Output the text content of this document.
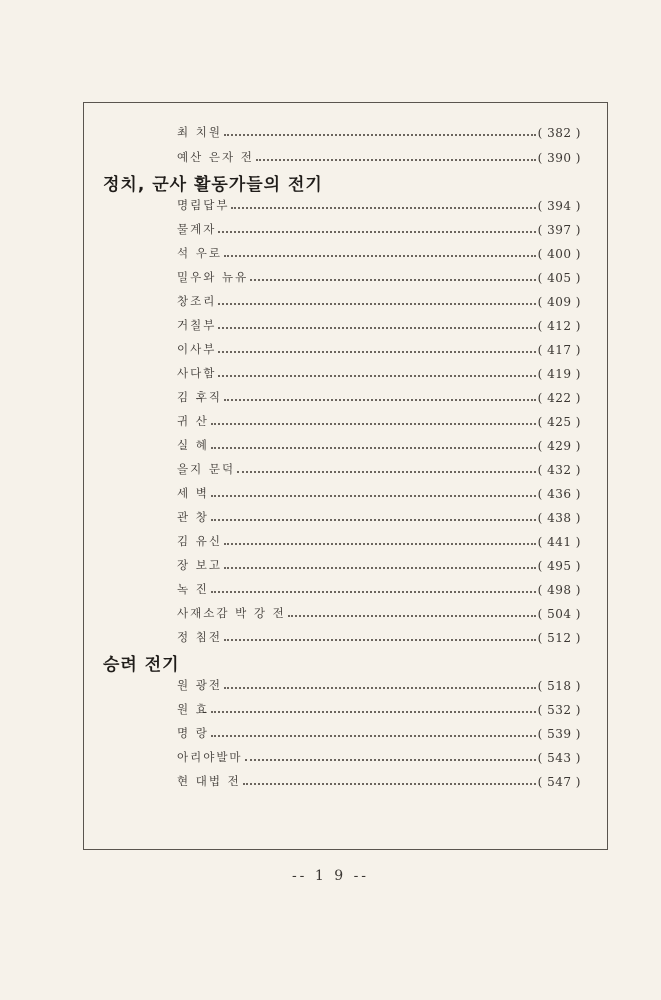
최 치원	( 382 )
예산 은자 전	( 390 )
정치, 군사 활동가들의 전기
명림답부	( 394 )
물계자	( 397 )
석 우로	( 400 )
밀우와 뉴유	( 405 )
창조리	( 409 )
거칠부	( 412 )
이사부	( 417 )
사다함	( 419 )
김 후직	( 422 )
귀 산	( 425 )
실 혜	( 429 )
을지 문덕	( 432 )
세 벽	( 436 )
관 창	( 438 )
김 유신	( 441 )
장 보고	( 495 )
녹 진	( 498 )
사재소감 박 강 전	( 504 )
정 침전	( 512 )
승려 전기
원 광전	( 518 )
원 효	( 532 )
명 랑	( 539 )
아리야발마	( 543 )
현 대법 전	( 547 )
-- 1 9 --
